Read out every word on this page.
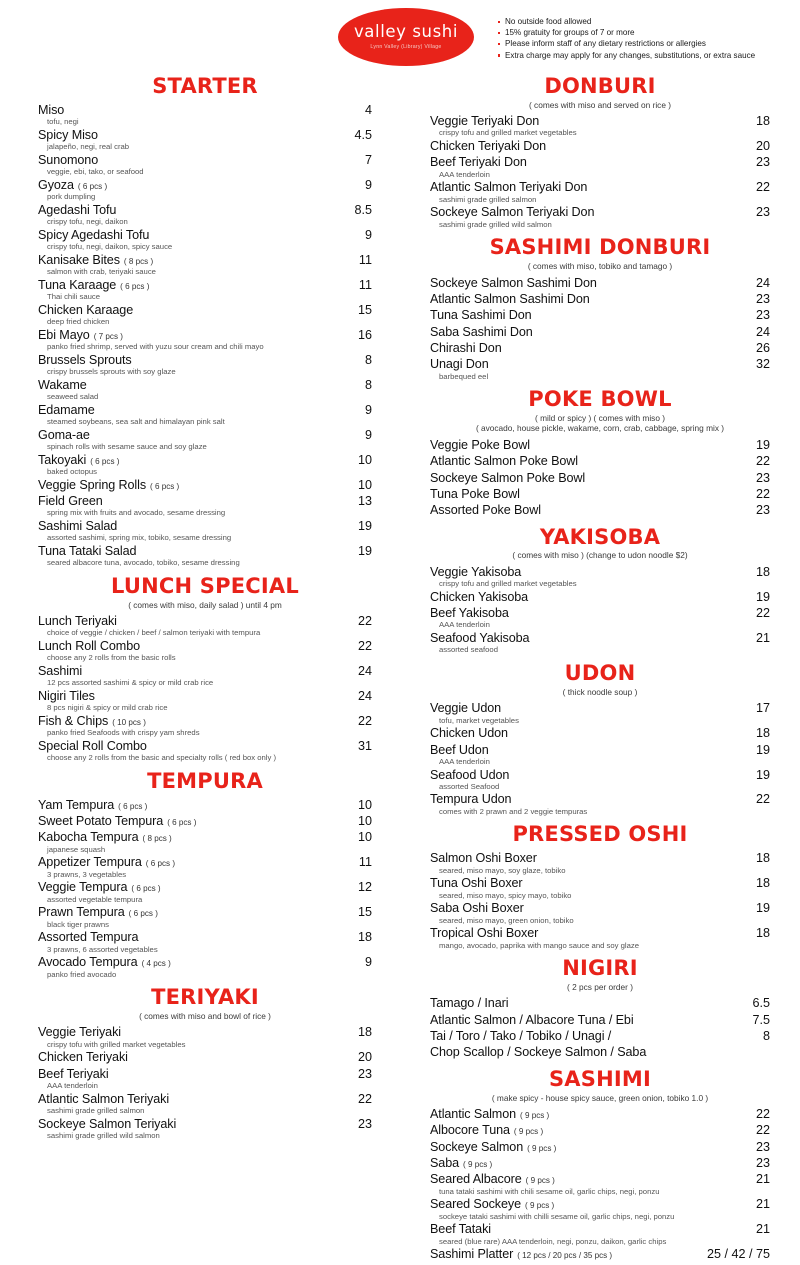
valley sushi
Lynn Valley (Library) Village
No outside food allowed
15% gratuity for groups of 7 or more
Please inform staff of any dietary restrictions or allergies
Extra charge may apply for any changes, substitutions, or extra sauce
STARTER
Miso	4
tofu, negi
Spicy Miso	4.5
jalapeño, negi, real crab
Sunomono	7
veggie, ebi, tako, or seafood
Gyoza ( 6 pcs )	9
pork dumpling
Agedashi Tofu	8.5
crispy tofu, negi, daikon
Spicy Agedashi Tofu	9
crispy tofu, negi, daikon, spicy sauce
Kanisake Bites ( 8 pcs )	11
salmon with crab, teriyaki sauce
Tuna Karaage ( 6 pcs )	11
Thai chili sauce
Chicken Karaage	15
deep fried chicken
Ebi Mayo ( 7 pcs )	16
panko fried shrimp, served with yuzu sour cream and chili mayo
Brussels Sprouts	8
crispy brussels sprouts with soy glaze
Wakame	8
seaweed salad
Edamame	9
steamed soybeans, sea salt and himalayan pink salt
Goma-ae	9
spinach rolls with sesame sauce and soy glaze
Takoyaki ( 6 pcs )	10
baked octopus
Veggie Spring Rolls ( 6 pcs )	10
Field Green	13
spring mix with fruits and avocado, sesame dressing
Sashimi Salad	19
assorted sashimi, spring mix, tobiko, sesame dressing
Tuna Tataki Salad	19
seared albacore tuna, avocado, tobiko, sesame dressing
LUNCH SPECIAL
( comes with miso, daily salad ) until 4 pm
Lunch Teriyaki	22
choice of veggie / chicken / beef / salmon teriyaki with tempura
Lunch Roll Combo	22
choose any 2 rolls from the basic rolls
Sashimi	24
12 pcs assorted sashimi & spicy or mild crab rice
Nigiri Tiles	24
8 pcs nigiri & spicy or mild crab rice
Fish & Chips ( 10 pcs )	22
panko fried Seafoods with crispy yam shreds
Special Roll Combo	31
choose any 2 rolls from the basic and specialty rolls ( red box only )
TEMPURA
Yam Tempura ( 6 pcs )	10
Sweet Potato Tempura ( 6 pcs )	10
Kabocha Tempura ( 8 pcs )	10
japanese squash
Appetizer Tempura ( 6 pcs )	11
3 prawns, 3 vegetables
Veggie Tempura ( 6 pcs )	12
assorted vegetable tempura
Prawn Tempura ( 6 pcs )	15
black tiger prawns
Assorted Tempura	18
3 prawns, 6 assorted vegetables
Avocado Tempura ( 4 pcs )	9
panko fried avocado
TERIYAKI
( comes with miso and bowl of rice )
Veggie Teriyaki	18
crispy tofu with grilled market vegetables
Chicken Teriyaki	20
Beef Teriyaki	23
AAA tenderloin
Atlantic Salmon Teriyaki	22
sashimi grade grilled salmon
Sockeye Salmon Teriyaki	23
sashimi grade grilled wild salmon
DONBURI
( comes with miso and served on rice )
Veggie Teriyaki Don	18
crispy tofu and grilled market vegetables
Chicken Teriyaki Don	20
Beef Teriyaki Don	23
AAA tenderloin
Atlantic Salmon Teriyaki Don	22
sashimi grade grilled salmon
Sockeye Salmon Teriyaki Don	23
sashimi grade grilled wild salmon
SASHIMI DONBURI
( comes with miso, tobiko and tamago )
Sockeye Salmon Sashimi Don	24
Atlantic Salmon Sashimi Don	23
Tuna Sashimi Don	23
Saba Sashimi Don	24
Chirashi Don	26
Unagi Don	32
barbequed eel
POKE BOWL
( mild or spicy ) ( comes with miso )
( avocado, house pickle, wakame, corn, crab, cabbage, spring mix )
Veggie Poke Bowl	19
Atlantic Salmon Poke Bowl	22
Sockeye Salmon Poke Bowl	23
Tuna Poke Bowl	22
Assorted Poke Bowl	23
YAKISOBA
( comes with miso ) (change to udon noodle $2)
Veggie Yakisoba	18
crispy tofu and grilled market vegetables
Chicken Yakisoba	19
Beef Yakisoba	22
AAA tenderloin
Seafood Yakisoba	21
assorted seafood
UDON
( thick noodle soup )
Veggie Udon	17
tofu, market vegetables
Chicken Udon	18
Beef Udon	19
AAA tenderloin
Seafood Udon	19
assorted Seafood
Tempura Udon	22
comes with 2 prawn and 2 veggie tempuras
PRESSED OSHI
Salmon Oshi Boxer	18
seared, miso mayo, soy glaze, tobiko
Tuna Oshi Boxer	18
seared, miso mayo, spicy mayo, tobiko
Saba Oshi Boxer	19
seared, miso mayo, green onion, tobiko
Tropical Oshi Boxer	18
mango, avocado, paprika with mango sauce and soy glaze
NIGIRI
( 2 pcs per order )
Tamago / Inari	6.5
Atlantic Salmon / Albacore Tuna / Ebi	7.5
Tai / Toro / Tako / Tobiko / Unagi /	8
Chop Scallop / Sockeye Salmon / Saba
SASHIMI
( make spicy - house spicy sauce, green onion, tobiko 1.0 )
Atlantic Salmon ( 9 pcs )	22
Albocore Tuna ( 9 pcs )	22
Sockeye Salmon ( 9 pcs )	23
Saba ( 9 pcs )	23
Seared Albacore ( 9 pcs )	21
tuna tataki sashimi with chili sesame oil, garlic chips, negi, ponzu
Seared Sockeye ( 9 pcs )	21
sockeye tataki sashimi with chilli sesame oil, garlic chips, negi, ponzu
Beef Tataki	21
seared (blue rare) AAA tenderloin, negi, ponzu, daikon, garlic chips
Sashimi Platter ( 12 pcs / 20 pcs / 35 pcs )	25 / 42 / 75
